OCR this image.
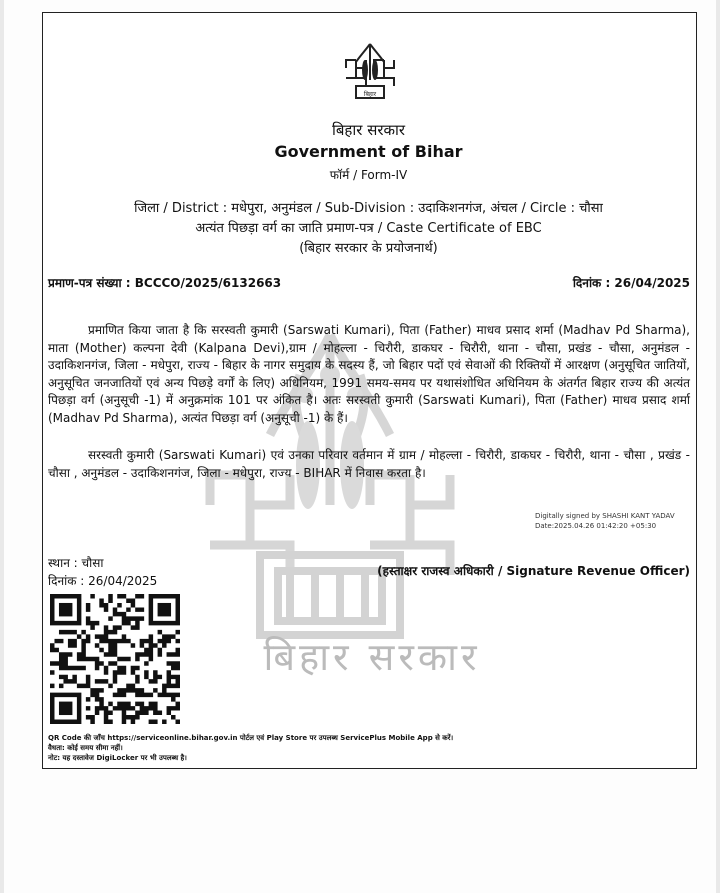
बिहार सरकार
बिहार
बिहार सरकार
Government of Bihar
फॉर्म / Form-IV
जिला / District : मधेपुरा, अनुमंडल / Sub-Division : उदाकिशनगंज, अंचल / Circle : चौसा
अत्यंत पिछड़ा वर्ग का जाति प्रमाण-पत्र / Caste Certificate of EBC
(बिहार सरकार के प्रयोजनार्थ)
प्रमाण-पत्र संख्या : BCCCO/2025/6132663	दिनांक : 26/04/2025

प्रमाणित किया जाता है कि सरस्वती कुमारी (Sarswati Kumari), पिता (Father) माधव प्रसाद शर्मा (Madhav Pd Sharma), माता (Mother) कल्पना देवी (Kalpana Devi),ग्राम / मोहल्ला - चिरौरी, डाकघर - चिरौरी, थाना - चौसा, प्रखंड - चौसा, अनुमंडल - उदाकिशनगंज, जिला - मधेपुरा, राज्य - बिहार के नागर समुदाय के सदस्य हैं, जो बिहार पदों एवं सेवाओं की रिक्तियों में आरक्षण (अनुसूचित जातियों, अनुसूचित जनजातियों एवं अन्य पिछड़े वर्गों के लिए) अधिनियम, 1991 समय-समय पर यथासंशोधित अधिनियम के अंतर्गत बिहार राज्य की अत्यंत पिछड़ा वर्ग (अनुसूची -1) में अनुक्रमांक 101 पर अंकित है। अतः सरस्वती कुमारी (Sarswati Kumari), पिता (Father) माधव प्रसाद शर्मा (Madhav Pd Sharma), अत्यंत पिछड़ा वर्ग (अनुसूची -1) के हैं।

सरस्वती कुमारी (Sarswati Kumari) एवं उनका परिवार वर्तमान में ग्राम / मोहल्ला - चिरौरी, डाकघर - चिरौरी, थाना - चौसा , प्रखंड - चौसा , अनुमंडल - उदाकिशनगंज, जिला - मधेपुरा, राज्य - BIHAR में निवास करता है।

Digitally signed by SHASHI KANT YADAV
Date:2025.04.26 01:42:20 +05:30
स्थान : चौसा
दिनांक : 26/04/2025
(हस्ताक्षर राजस्व अधिकारी / Signature Revenue Officer)
QR Code की जाँच https://serviceonline.bihar.gov.in पोर्टल एवं Play Store पर उपलब्ध ServicePlus Mobile App से करें।
वैधता: कोई समय सीमा नहीं।
नोट: यह दस्तावेज DigiLocker पर भी उपलब्ध है।
